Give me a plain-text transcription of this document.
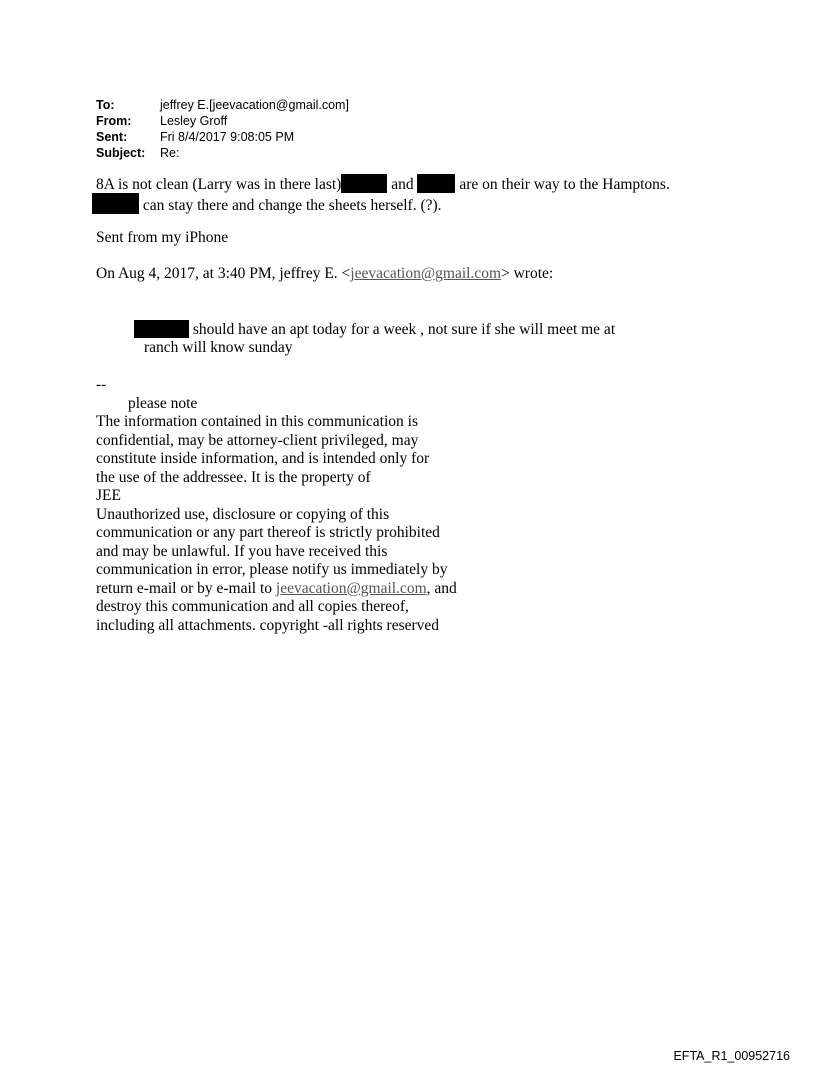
To:	jeffrey E.[jeevacation@gmail.com]
From:	Lesley Groff
Sent:	Fri 8/4/2017 9:08:05 PM
Subject:	Re:
8A is not clean (Larry was in there last)	and	are on their way to the Hamptons.
can stay there and change the sheets herself. (?).
Sent from my iPhone
On Aug 4, 2017, at 3:40 PM, jeffrey E. <jeevacation@gmail.com> wrote:
should have an apt today for a week , not sure if she will meet me at
ranch will know sunday
--
please note
The information contained in this communication is
confidential, may be attorney-client privileged, may
constitute inside information, and is intended only for
the use of the addressee. It is the property of
JEE
Unauthorized use, disclosure or copying of this
communication or any part thereof is strictly prohibited
and may be unlawful. If you have received this
communication in error, please notify us immediately by
return e-mail or by e-mail to jeevacation@gmail.com, and
destroy this communication and all copies thereof,
including all attachments. copyright -all rights reserved
EFTA_R1_00952716
